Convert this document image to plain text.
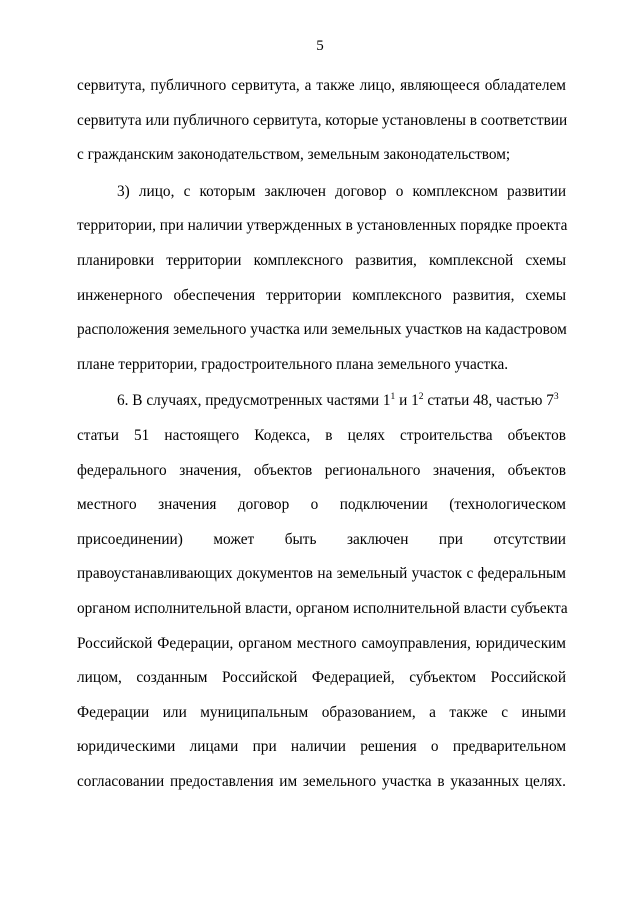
5
сервитута, публичного сервитута, а также лицо, являющееся обладателем
сервитута или публичного сервитута, которые установлены в соответствии
с гражданским законодательством, земельным законодательством;
3) лицо, с которым заключен договор о комплексном развитии
территории, при наличии утвержденных в установленных порядке проекта
планировки территории комплексного развития, комплексной схемы
инженерного обеспечения территории комплексного развития, схемы
расположения земельного участка или земельных участков на кадастровом
плане территории, градостроительного плана земельного участка.
6. В случаях, предусмотренных частями $1^1$ и $1^2$ статьи 48, частью $7^3$
статьи 51 настоящего Кодекса, в целях строительства объектов
федерального значения, объектов регионального значения, объектов
местного значения договор о подключении (технологическом
присоединении) может быть заключен при отсутствии
правоустанавливающих документов на земельный участок с федеральным
органом исполнительной власти, органом исполнительной власти субъекта
Российской Федерации, органом местного самоуправления, юридическим
лицом, созданным Российской Федерацией, субъектом Российской
Федерации или муниципальным образованием, а также с иными
юридическими лицами при наличии решения о предварительном
согласовании предоставления им земельного участка в указанных целях.
